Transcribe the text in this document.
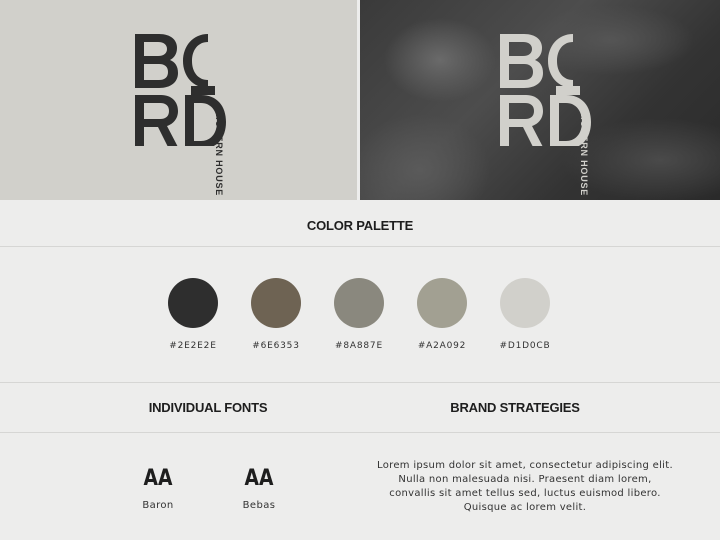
MODERN HOUSE	MODERN HOUSE
COLOR PALETTE
#2E2E2E	#6E6353	#8A887E	#A2A092	#D1D0CB
INDIVIDUAL FONTS	BRAND STRATEGIES
AA
Baron
AA
Bebas
Lorem ipsum dolor sit amet, consectetur adipiscing elit. Nulla non malesuada nisi. Praesent diam lorem, convallis sit amet tellus sed, luctus euismod libero. Quisque ac lorem velit.
